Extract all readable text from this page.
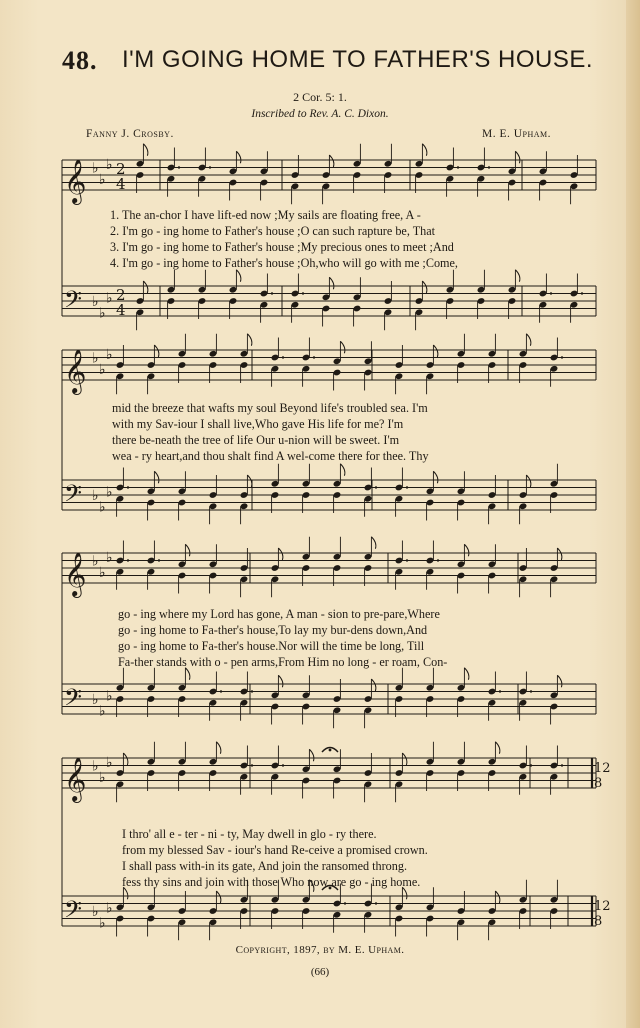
48. I'M GOING HOME TO FATHER'S HOUSE.
2 Cor. 5: 1.
Inscribed to Rev. A. C. Dixon.
Fanny J. Crosby.	M. E. Upham.
𝄞 ♭
♭
♭ 2
4
𝄢 ♭
♭
♭ 2
4
𝄞 ♭
♭
♭
𝄢 ♭
♭
♭
𝄞 ♭
♭
♭
𝄢 ♭
♭
♭
𝄞 ♭
♭
♭	12
8
𝄢 ♭
♭
♭	12
8
1. The an-chor I have lift-ed now ;My sails are floating free, A -
2. I'm go - ing home to Father's house ;O can such rapture be, That
3. I'm go - ing home to Father's house ;My precious ones to meet ;And
4. I'm go - ing home to Father's house ;Oh,who will go with me ;Come,
mid the breeze that wafts my soul Beyond life's troubled sea. I'm
with my Sav-iour I shall live,Who gave His life for me? I'm
there be-neath the tree of life Our u-nion will be sweet. I'm
wea - ry heart,and thou shalt find A wel-come there for thee. Thy
go - ing where my Lord has gone, A man - sion to pre-pare,Where
go - ing home to Fa-ther's house,To lay my bur-dens down,And
go - ing home to Fa-ther's house.Nor will the time be long, Till
Fa-ther stands with o - pen arms,From Him no long - er roam, Con-
I thro' all e - ter - ni - ty, May dwell in glo - ry there.
from my blessed Sav - iour's hand Re-ceive a promised crown.
I shall pass with-in its gate, And join the ransomed throng.
fess thy sins and join with those Who now are go - ing home.
Copyright, 1897, by M. E. Upham.
(66)
